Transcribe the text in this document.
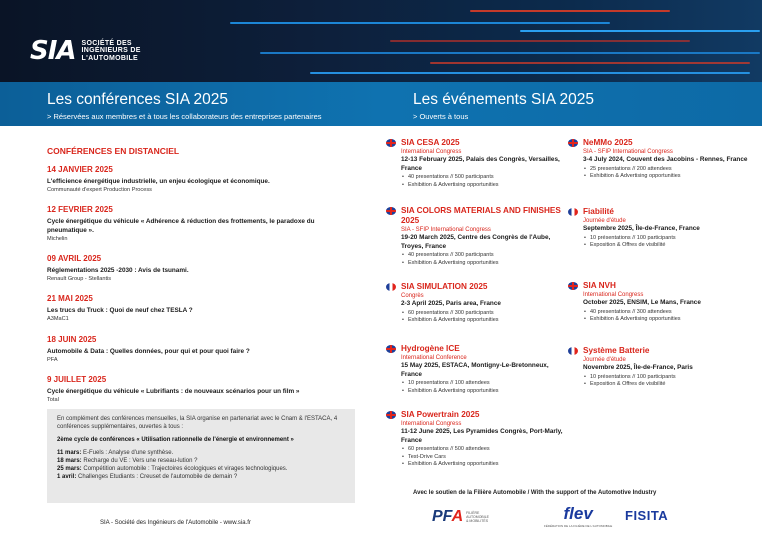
SIA SOCIÉTÉ DES
INGÉNIEURS DE
L'AUTOMOBILE
Les conférences SIA 2025
> Réservées aux membres et à tous les collaborateurs des entreprises partenaires
Les événements SIA 2025
> Ouverts à tous
CONFÉRENCES EN DISTANCIEL
14 JANVIER 2025
L'efficience énergétique industrielle, un enjeu écologique et économique.
Communauté d'expert Production Process
12 FEVRIER 2025
Cycle énergétique du véhicule « Adhérence & réduction des frottements, le paradoxe du pneumatique ».
Michelin
09 AVRIL 2025
Réglementations 2025 -2030 : Avis de tsunami.
Renault Group - Stellantis
21 MAI 2025
Les trucs du Truck : Quoi de neuf chez TESLA ?
A3MaC1
18 JUIN 2025
Automobile & Data : Quelles données, pour qui et pour quoi faire ?
PFA
9 JUILLET 2025
Cycle énergétique du véhicule « Lubrifiants : de nouveaux scénarios pour un film »
Total
En complément des conférences mensuelles, la SIA organise en partenariat avec le Cnam & l'ESTACA, 4 conférences supplémentaires, ouvertes à tous :
2ème cycle de conférences « Utilisation rationnelle de l'énergie et environnement »
11 mars: E-Fuels : Analyse d'une synthèse.
18 mars: Recharge du VE : Vers une reseau-lution ?
25 mars: Compétition automobile : Trajectoires écologiques et virages technologiques.
1 avril: Challenges Etudiants : Creuset de l'automobile de demain ?
SIA - Société des Ingénieurs de l'Automobile - www.sia.fr
SIA CESA 2025
International Congress
12-13 February 2025, Palais des Congrès, Versailles, France
• 40 presentations // 500 participants
• Exhibition & Advertising opportunities
SIA COLORS MATERIALS AND FINISHES 2025
SIA - SFIP International Congress
19-20 March 2025, Centre des Congrès de l'Aube, Troyes, France
• 40 presentations // 300 participants
• Exhibition & Advertising opportunities
SIA SIMULATION 2025
Congrès
2-3 April 2025, Paris area, France
• 60 presentations // 300 participants
• Exhibition & Advertising opportunities
Hydrogène ICE
International Conference
15 May 2025, ESTACA, Montigny-Le-Bretonneux, France
• 10 presentations // 100 attendees
• Exhibition & Advertising opportunities
SIA Powertrain 2025
International Congress
11-12 June 2025, Les Pyramides Congrès, Port-Marly, France
• 60 presentations // 500 attendees
• Test-Drive Cars
• Exhibition & Advertising opportunities
NeMMo 2025
SIA - SFIP International Congress
3-4 July 2024, Couvent des Jacobins - Rennes, France
• 25 presentations // 200 attendees
• Exhibition & Advertising opportunities
Fiabilité
Journée d'étude
Septembre 2025, Île-de-France, France
• 10 présentations // 100 participants
• Exposition & Offres de visibilité
SIA NVH
International Congress
October 2025, ENSIM, Le Mans, France
• 40 presentations // 300 attendees
• Exhibition & Advertising opportunities
Système Batterie
Journée d'étude
Novembre 2025, Île-de-France, Paris
• 10 présentations // 100 participants
• Exposition & Offres de visibilité
Avec le soutien de la Filière Automobile / With the support of the Automotive Industry
PFA FILIÈRE
AUTOMOBILE
& MOBILITÉS	flev
FÉDÉRATION DE LA FILIÈRE DE L'AUTOMOBILE
FISITA
